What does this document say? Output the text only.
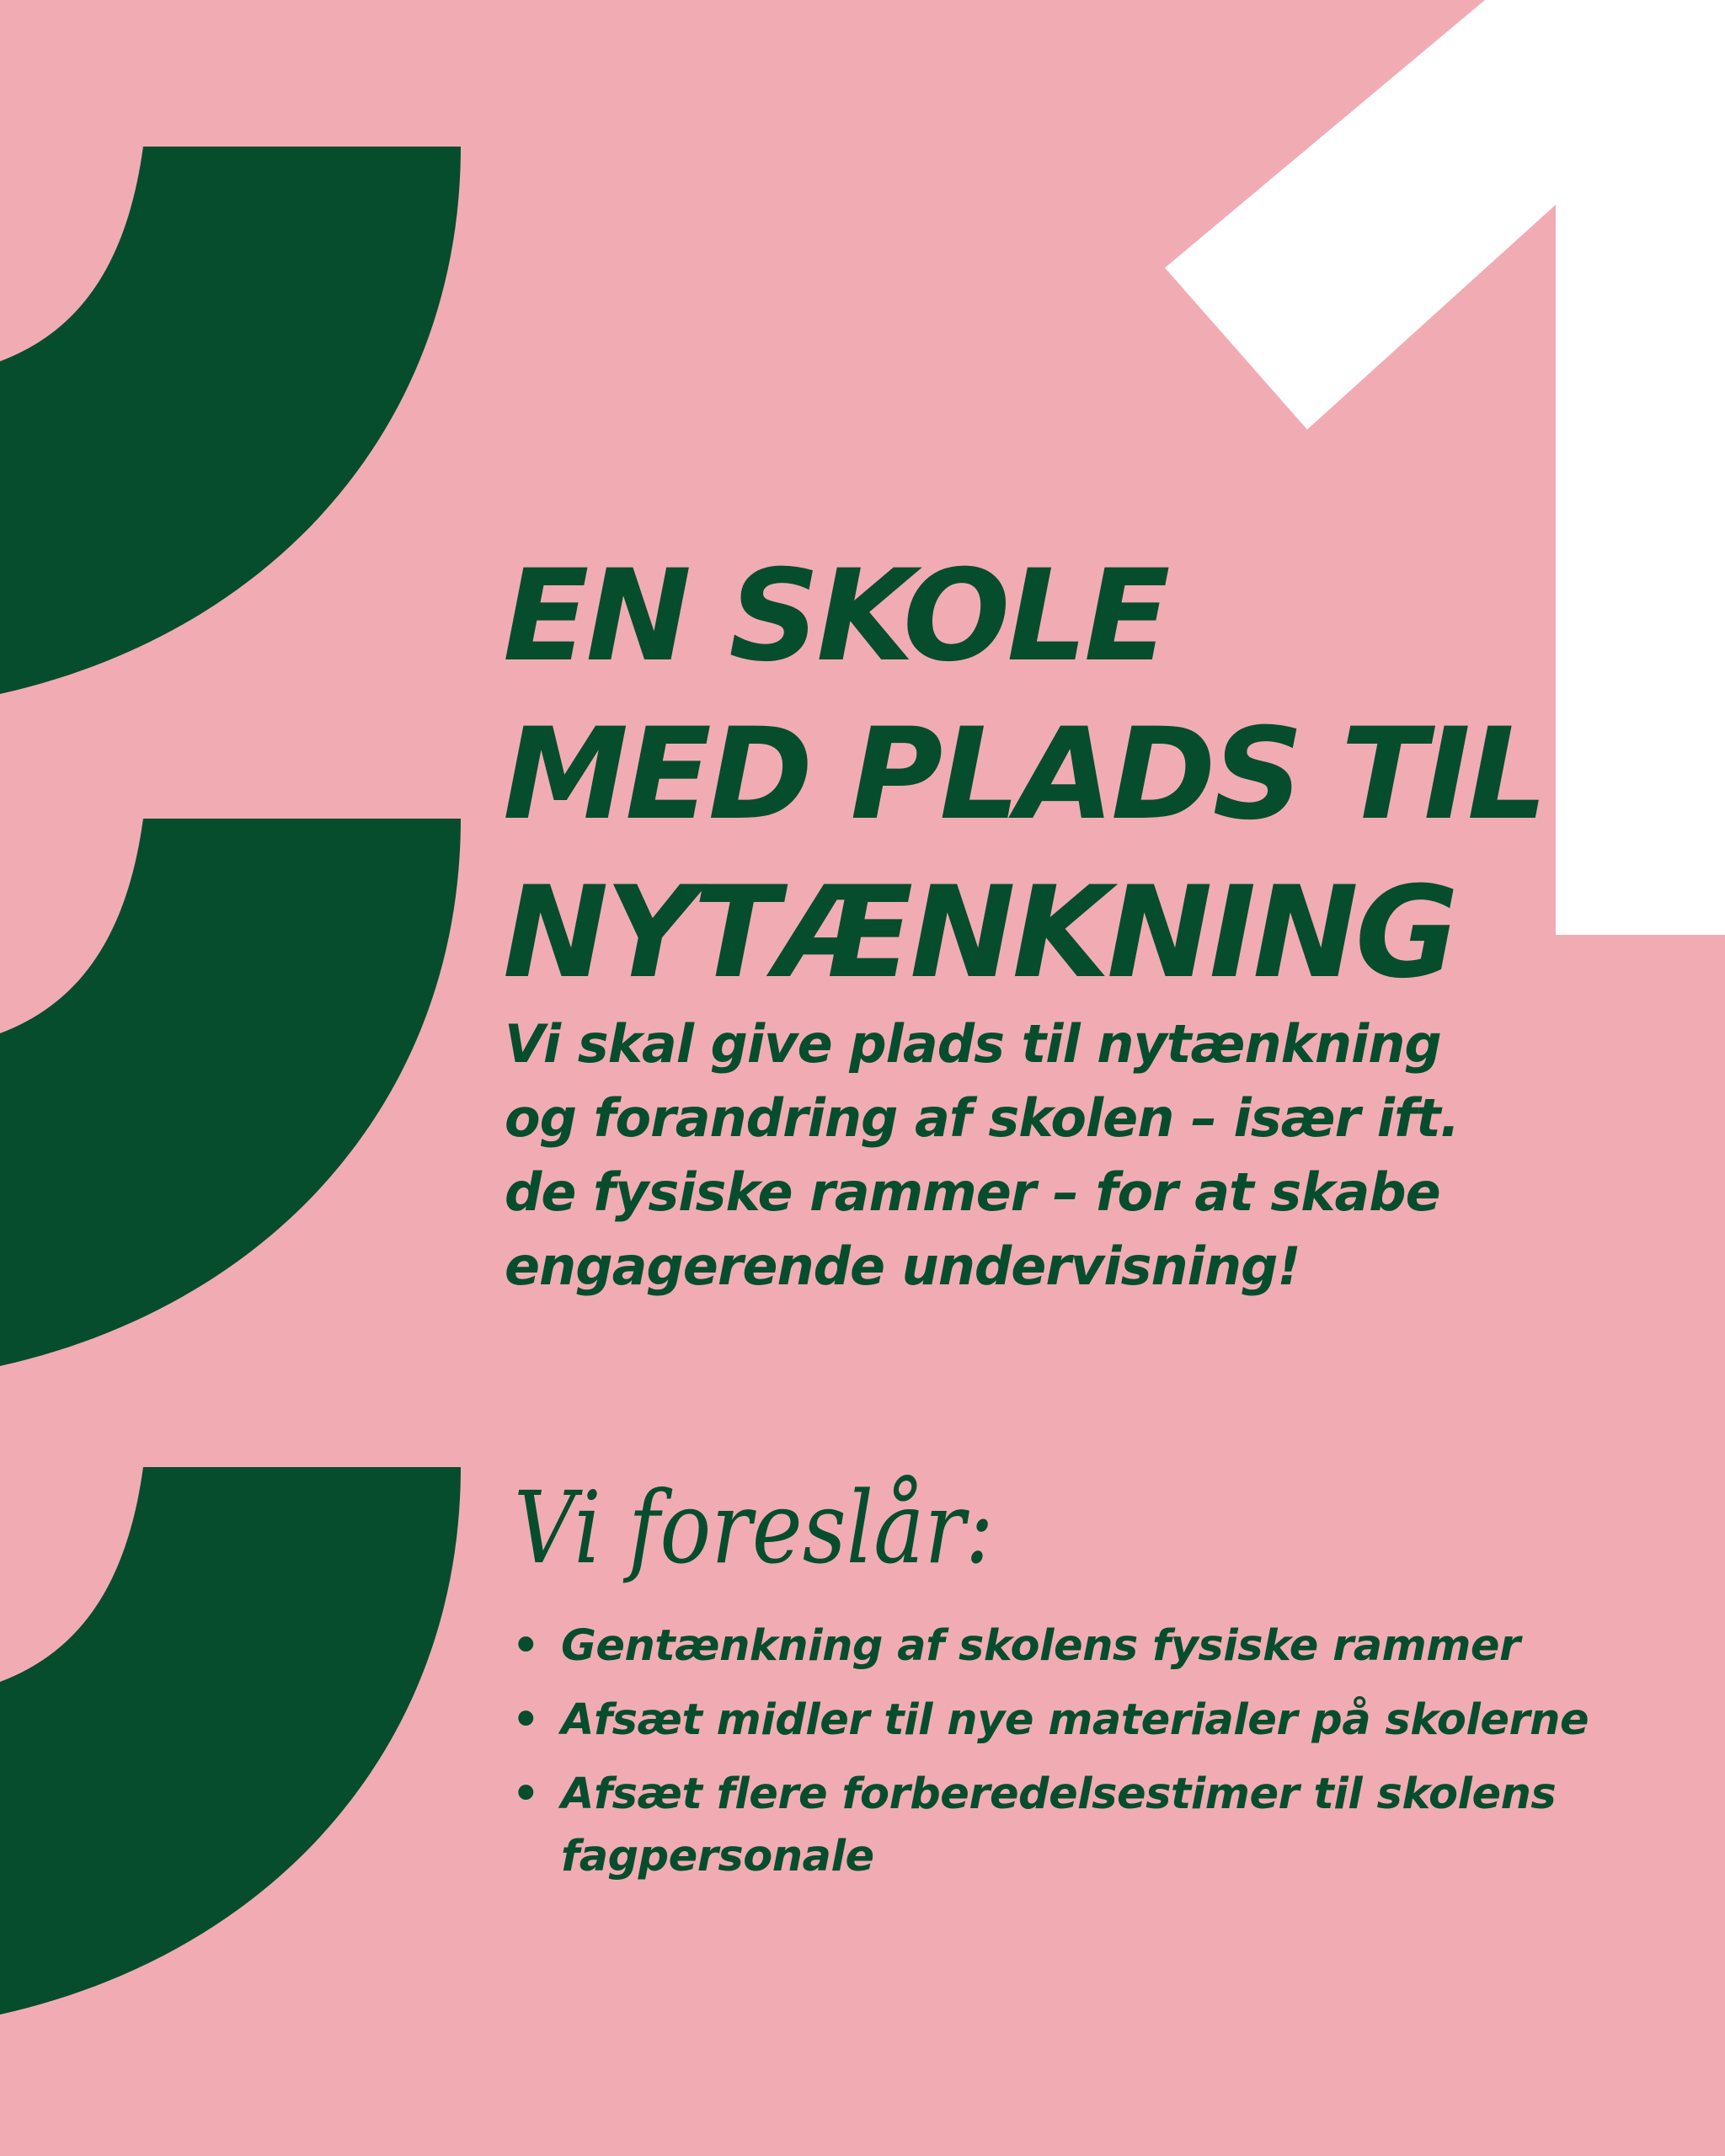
EN SKOLE
MED PLADS TIL
NYTÆNKNING

Vi skal give plads til nytænkning
og forandring af skolen – især ift.
de fysiske rammer – for at skabe
engagerende undervisning!

Vi foreslår:
• Gentænkning af skolens fysiske rammer
• Afsæt midler til nye materialer på skolerne
• Afsæt flere forberedelsestimer til skolens
fagpersonale
